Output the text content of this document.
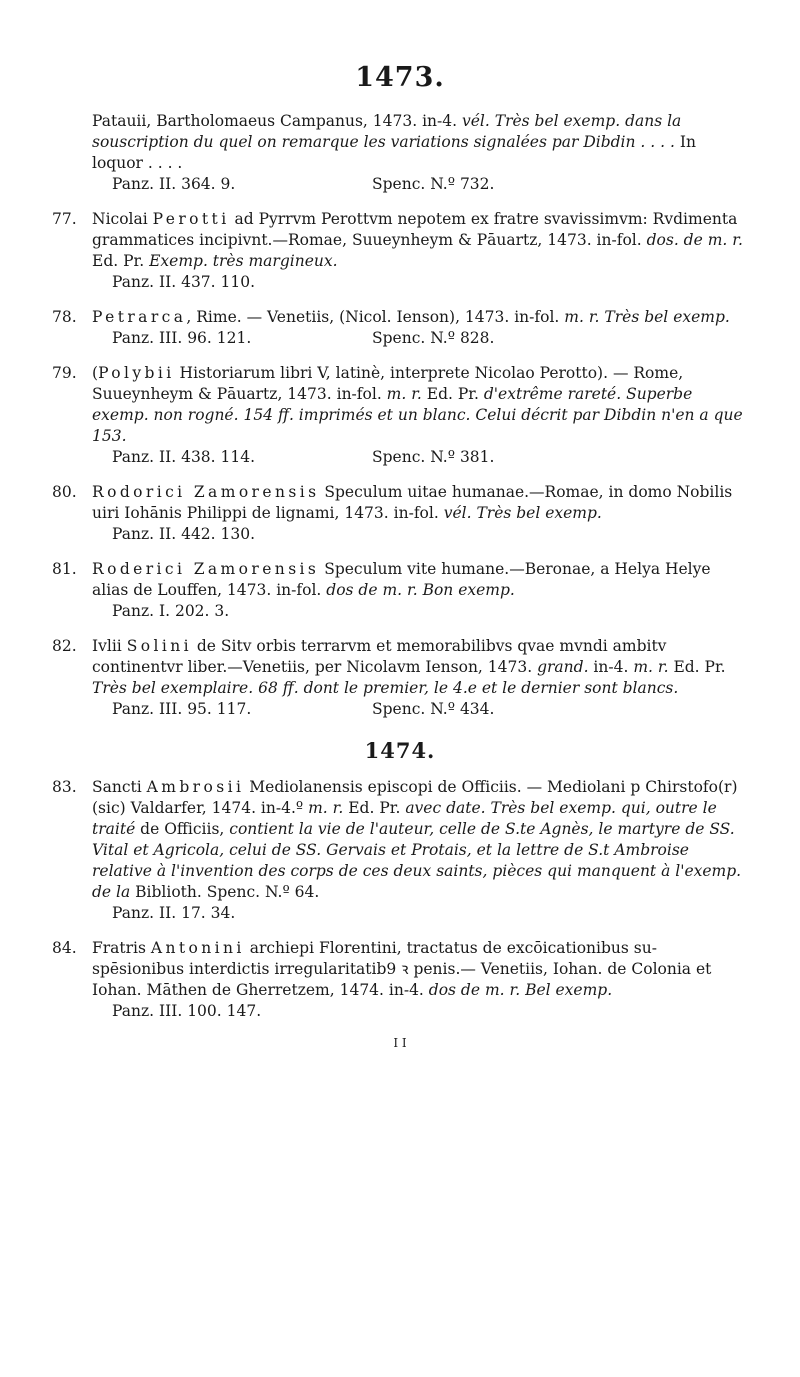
1473.
Patauii, Bartholomaeus Campanus, 1473. in-4. vél. Très bel exemp. dans la souscription du quel on remarque les variations signalées par Dibdin . . . . In loquor . . . .
Panz. II. 364. 9.	Spenc. N.º 732.
77. Nicolai Perotti ad Pyrrvm Perottvm nepotem ex fratre svavissimvm: Rvdimenta grammatices incipivnt.—Romae, Suueynheym & Pāuartz, 1473. in-fol. dos. de m. r. Ed. Pr. Exemp. très margineux.
Panz. II. 437. 110.
78. Petrarca, Rime. — Venetiis, (Nicol. Ienson), 1473. in-fol. m. r. Très bel exemp.
Panz. III. 96. 121.	Spenc. N.º 828.
79. (Polybii Historiarum libri V, latinè, interprete Nicolao Perotto). — Rome, Suueynheym & Pāuartz, 1473. in-fol. m. r. Ed. Pr. d'extrême rareté. Superbe exemp. non rogné. 154 ff. imprimés et un blanc. Celui décrit par Dibdin n'en a que 153.
Panz. II. 438. 114.	Spenc. N.º 381.
80. Rodorici Zamorensis Speculum uitae humanae.—Romae, in domo Nobilis uiri Iohānis Philippi de lignami, 1473. in-fol. vél. Très bel exemp.
Panz. II. 442. 130.
81. Roderici Zamorensis Speculum vite humane.—Beronae, a Helya Helye alias de Louffen, 1473. in-fol. dos de m. r. Bon exemp.
Panz. I. 202. 3.
82. Ivlii Solini de Sitv orbis terrarvm et memorabilibvs qvae mvndi ambitv continentvr liber.—Venetiis, per Nicolavm Ienson, 1473. grand. in-4. m. r. Ed. Pr. Très bel exemplaire. 68 ff. dont le premier, le 4.e et le dernier sont blancs.
Panz. III. 95. 117.	Spenc. N.º 434.
1474.
83. Sancti Ambrosii Mediolanensis episcopi de Officiis. — Mediolani p Chirstofo(r) (sic) Valdarfer, 1474. in-4.º m. r. Ed. Pr. avec date. Très bel exemp. qui, outre le traité de Officiis, contient la vie de l'auteur, celle de S.te Agnès, le martyre de SS. Vital et Agricola, celui de SS. Gervais et Protais, et la lettre de S.t Ambroise relative à l'invention des corps de ces deux saints, pièces qui manquent à l'exemp. de la Biblioth. Spenc. N.º 64.
Panz. II. 17. 34.
84. Fratris Antonini archiepi Florentini, tractatus de excōicationibus su- spēsionibus interdictis irregularitatib9 ꝛ penis.— Venetiis, Iohan. de Colonia et Iohan. Māthen de Gherretzem, 1474. in-4. dos de m. r. Bel exemp.
Panz. III. 100. 147.
I I
